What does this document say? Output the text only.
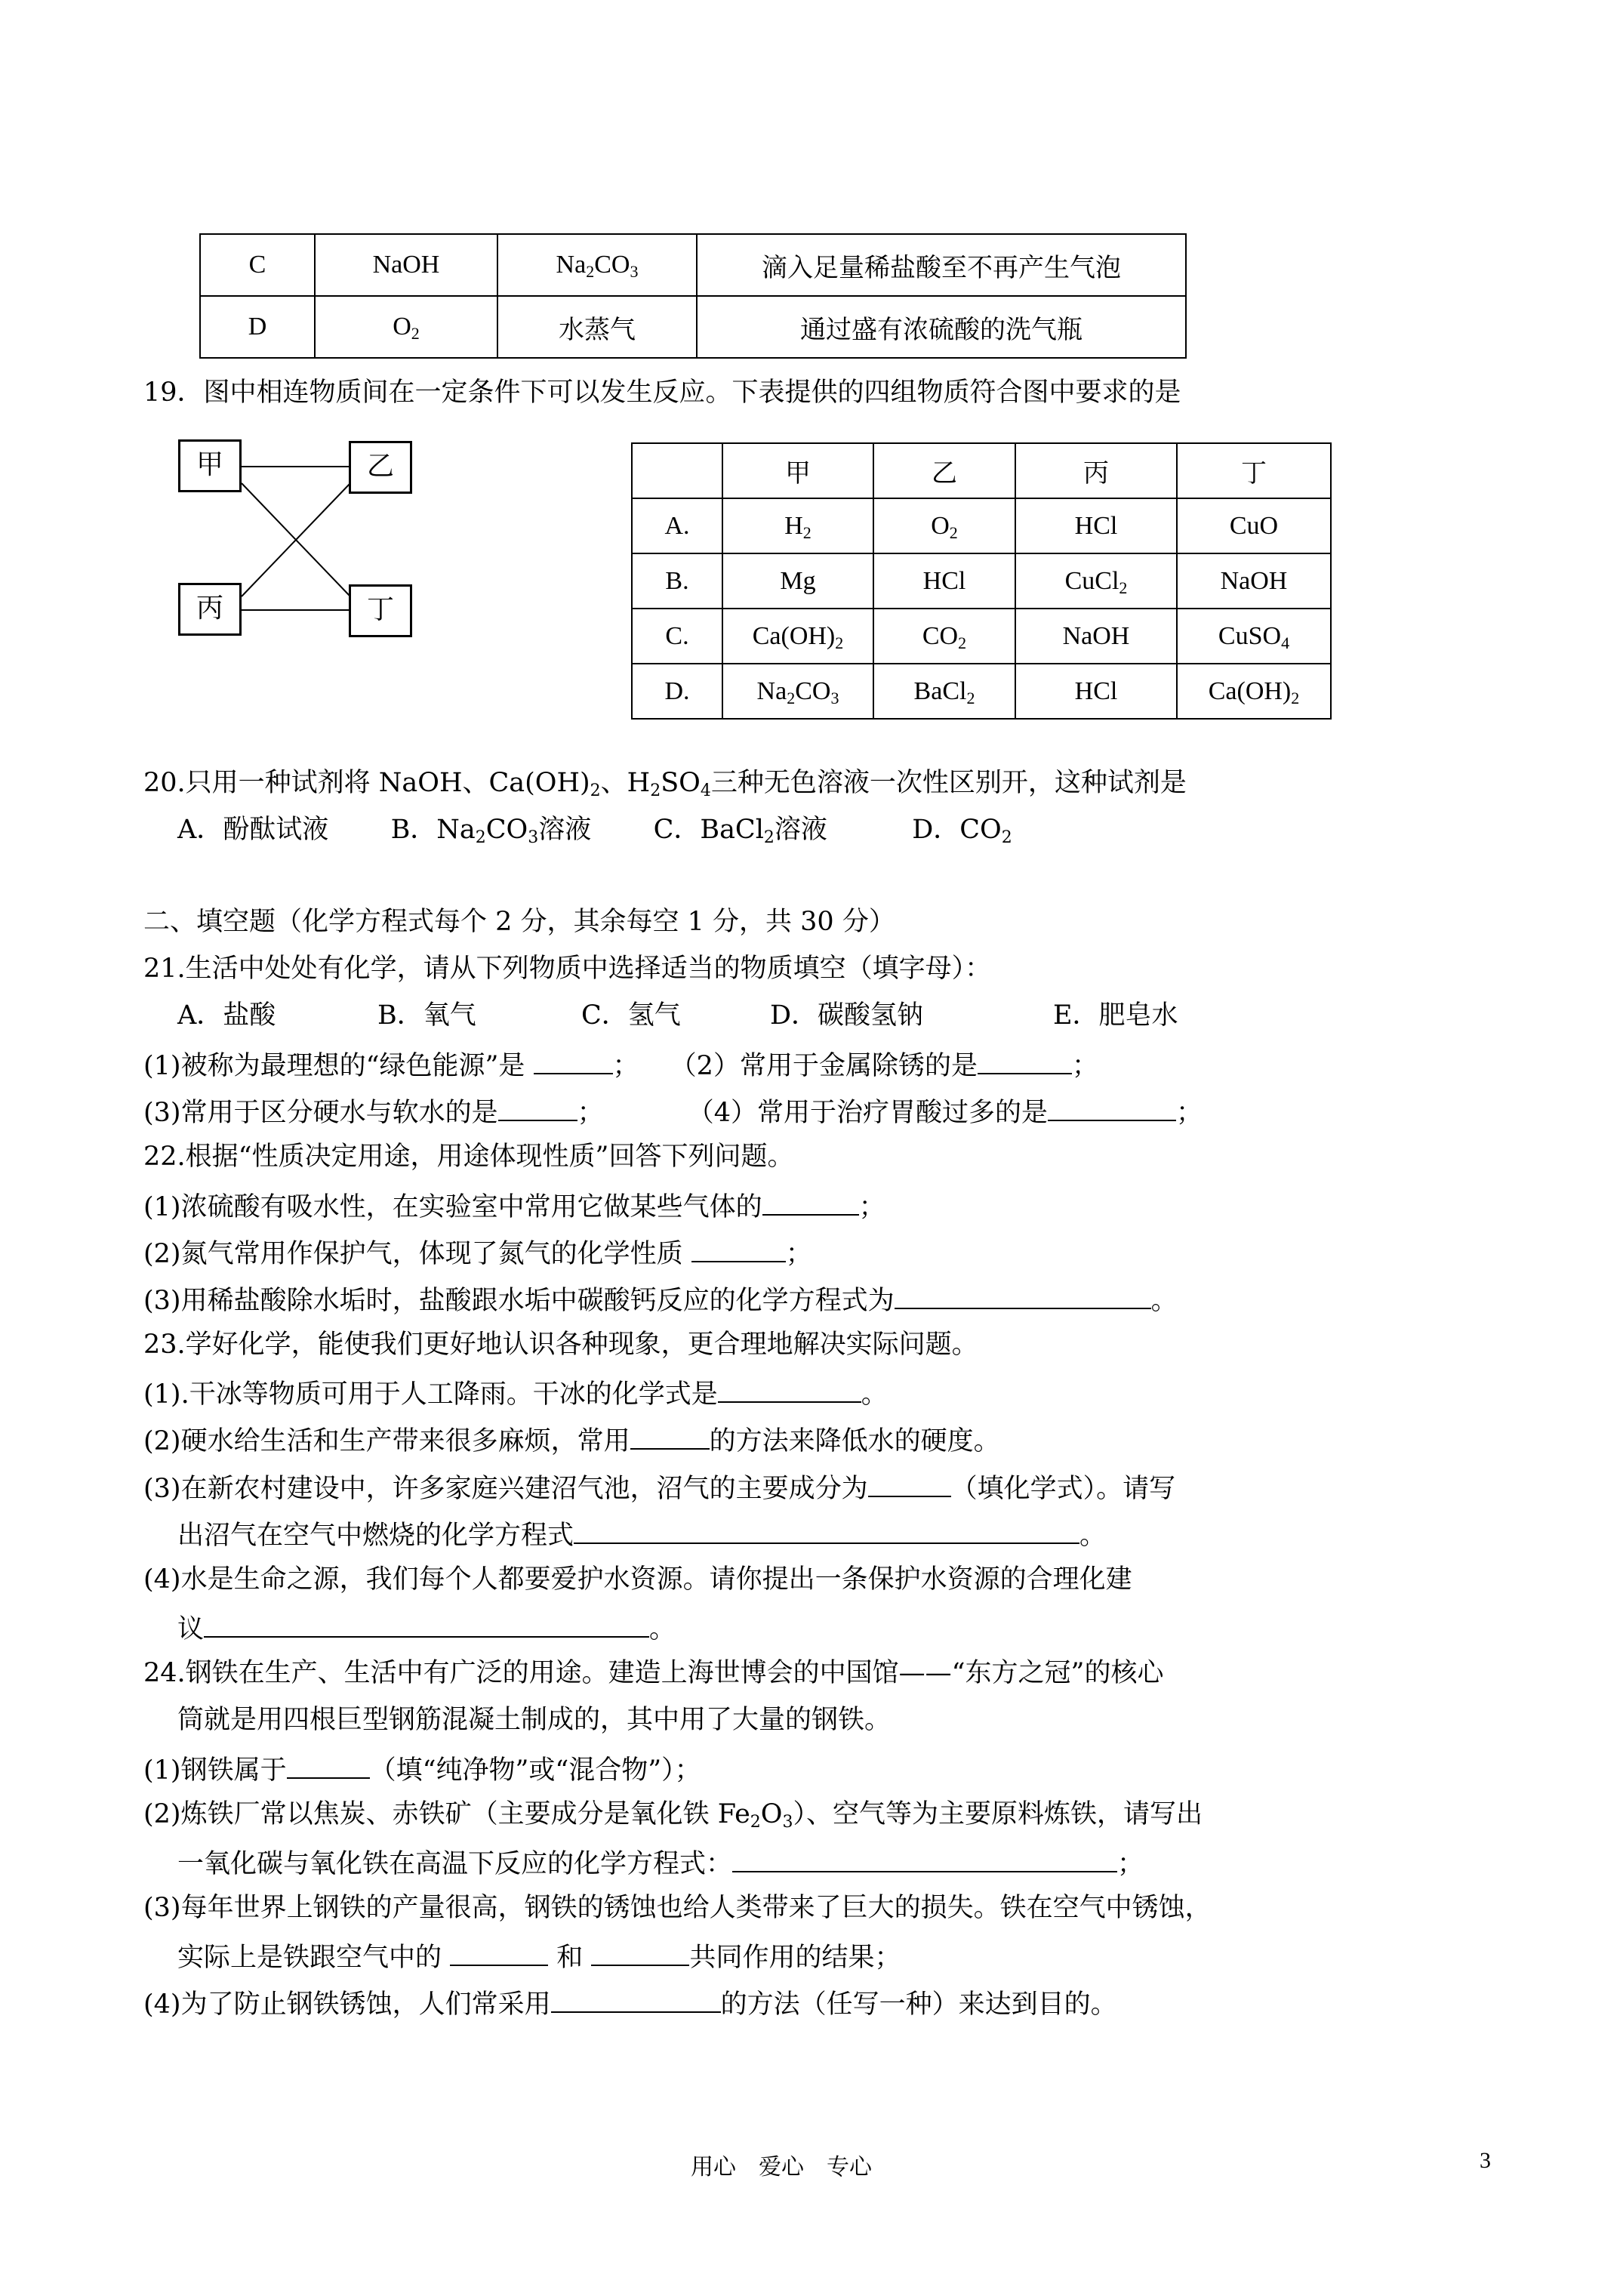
C	NaOH	$Na_2CO_3$	滴入足量稀盐酸至不再产生气泡
D	$O_2$	水蒸气	通过盛有浓硫酸的洗气瓶
19．图中相连物质间在一定条件下可以发生反应。下表提供的四组物质符合图中要求的是
甲	乙
丙	丁
	甲	乙	丙	丁
A.	$H_2$	$O_2$	HCl	CuO
B.	Mg	HCl	CuCl$_2$	NaOH
C.	$Ca(OH)_2$	$CO_2$	NaOH	CuSO$_4$
D.	$Na_2CO_3$	BaCl$_2$	HCl	$Ca(OH)_2$
20.只用一种试剂将 NaOH、$Ca(OH)_2$、$H_2SO_4$三种无色溶液一次性区别开，这种试剂是
A．酚酞试液 B．$Na_2CO_3$溶液 C．BaCl$_2$溶液	D．$CO_2$
二、填空题（化学方程式每个 2 分，其余每空 1 分，共 30 分）
21.生活中处处有化学，请从下列物质中选择适当的物质填空（填字母）：
A．盐酸	B．氧气	C．氢气	D．碳酸氢钠	E．肥皂水
(1)被称为最理想的“绿色能源”是	； （2）常用于金属除锈的是	；
(3)常用于区分硬水与软水的是	；	（4）常用于治疗胃酸过多的是	；
22.根据“性质决定用途，用途体现性质”回答下列问题。
(1)浓硫酸有吸水性，在实验室中常用它做某些气体的	；
(2)氮气常用作保护气，体现了氮气的化学性质	；
(3)用稀盐酸除水垢时，盐酸跟水垢中碳酸钙反应的化学方程式为	。
23.学好化学，能使我们更好地认识各种现象，更合理地解决实际问题。
(1).干冰等物质可用于人工降雨。干冰的化学式是	。
(2)硬水给生活和生产带来很多麻烦，常用	的方法来降低水的硬度。
(3)在新农村建设中，许多家庭兴建沼气池，沼气的主要成分为	（填化学式）。请写
出沼气在空气中燃烧的化学方程式	。
(4)水是生命之源，我们每个人都要爱护水资源。请你提出一条保护水资源的合理化建
议	。
24.钢铁在生产、生活中有广泛的用途。建造上海世博会的中国馆——“东方之冠”的核心
筒就是用四根巨型钢筋混凝土制成的，其中用了大量的钢铁。
(1)钢铁属于	（填“纯净物”或“混合物”）；
(2)炼铁厂常以焦炭、赤铁矿（主要成分是氧化铁 $Fe_2O_3$）、空气等为主要原料炼铁，请写出
一氧化碳与氧化铁在高温下反应的化学方程式：	；
(3)每年世界上钢铁的产量很高，钢铁的锈蚀也给人类带来了巨大的损失。铁在空气中锈蚀，
实际上是铁跟空气中的	和	共同作用的结果；
(4)为了防止钢铁锈蚀，人们常采用	的方法（任写一种）来达到目的。
用心　爱心　专心	3
